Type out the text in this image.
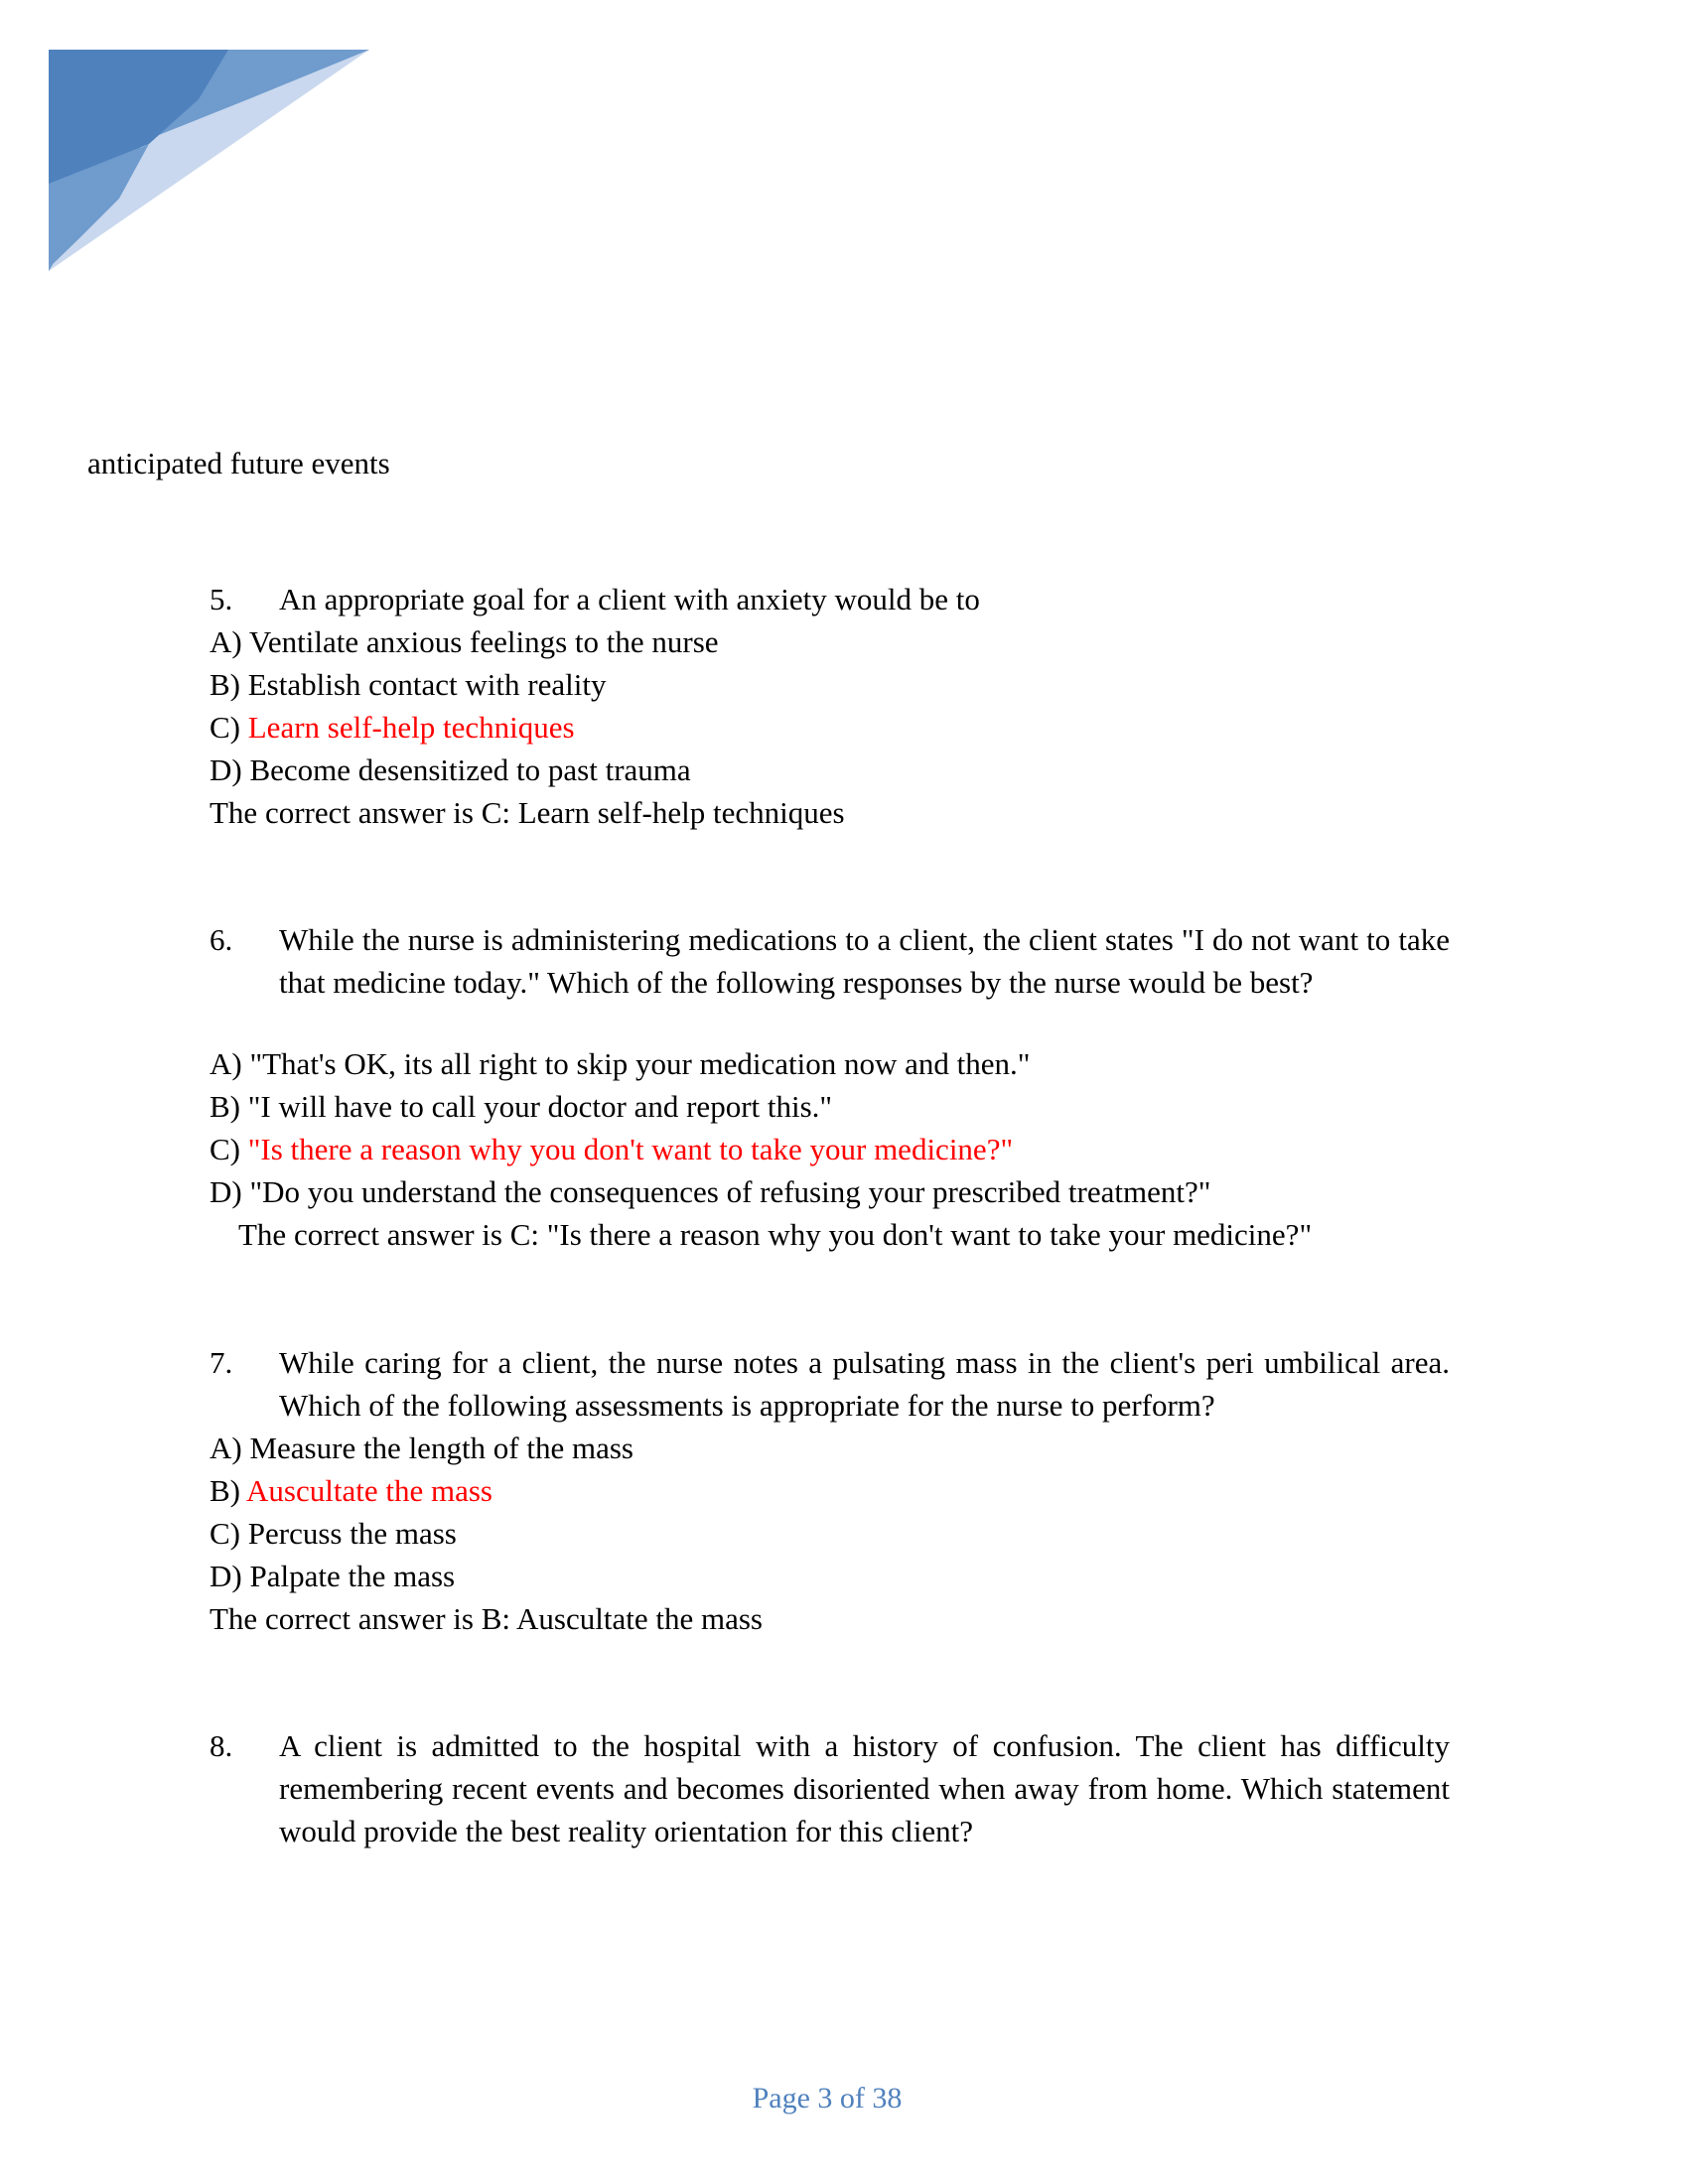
anticipated future events
5. An appropriate goal for a client with anxiety would be to
A) Ventilate anxious feelings to the nurse
B) Establish contact with reality
C) Learn self-help techniques
D) Become desensitized to past trauma
The correct answer is C: Learn self-help techniques
6. While the nurse is administering medications to a client, the client states "I do not want to take that medicine today." Which of the following responses by the nurse would be best?
A) "That's OK, its all right to skip your medication now and then."
B) "I will have to call your doctor and report this."
C) "Is there a reason why you don't want to take your medicine?"
D) "Do you understand the consequences of refusing your prescribed treatment?"
The correct answer is C: "Is there a reason why you don't want to take your medicine?"
7. While caring for a client, the nurse notes a pulsating mass in the client's peri umbilical area. Which of the following assessments is appropriate for the nurse to perform?
A) Measure the length of the mass
B) Auscultate the mass
C) Percuss the mass
D) Palpate the mass
The correct answer is B: Auscultate the mass
8. A client is admitted to the hospital with a history of confusion. The client has difficulty remembering recent events and becomes disoriented when away from home. Which statement would provide the best reality orientation for this client?
Page 3 of 38
